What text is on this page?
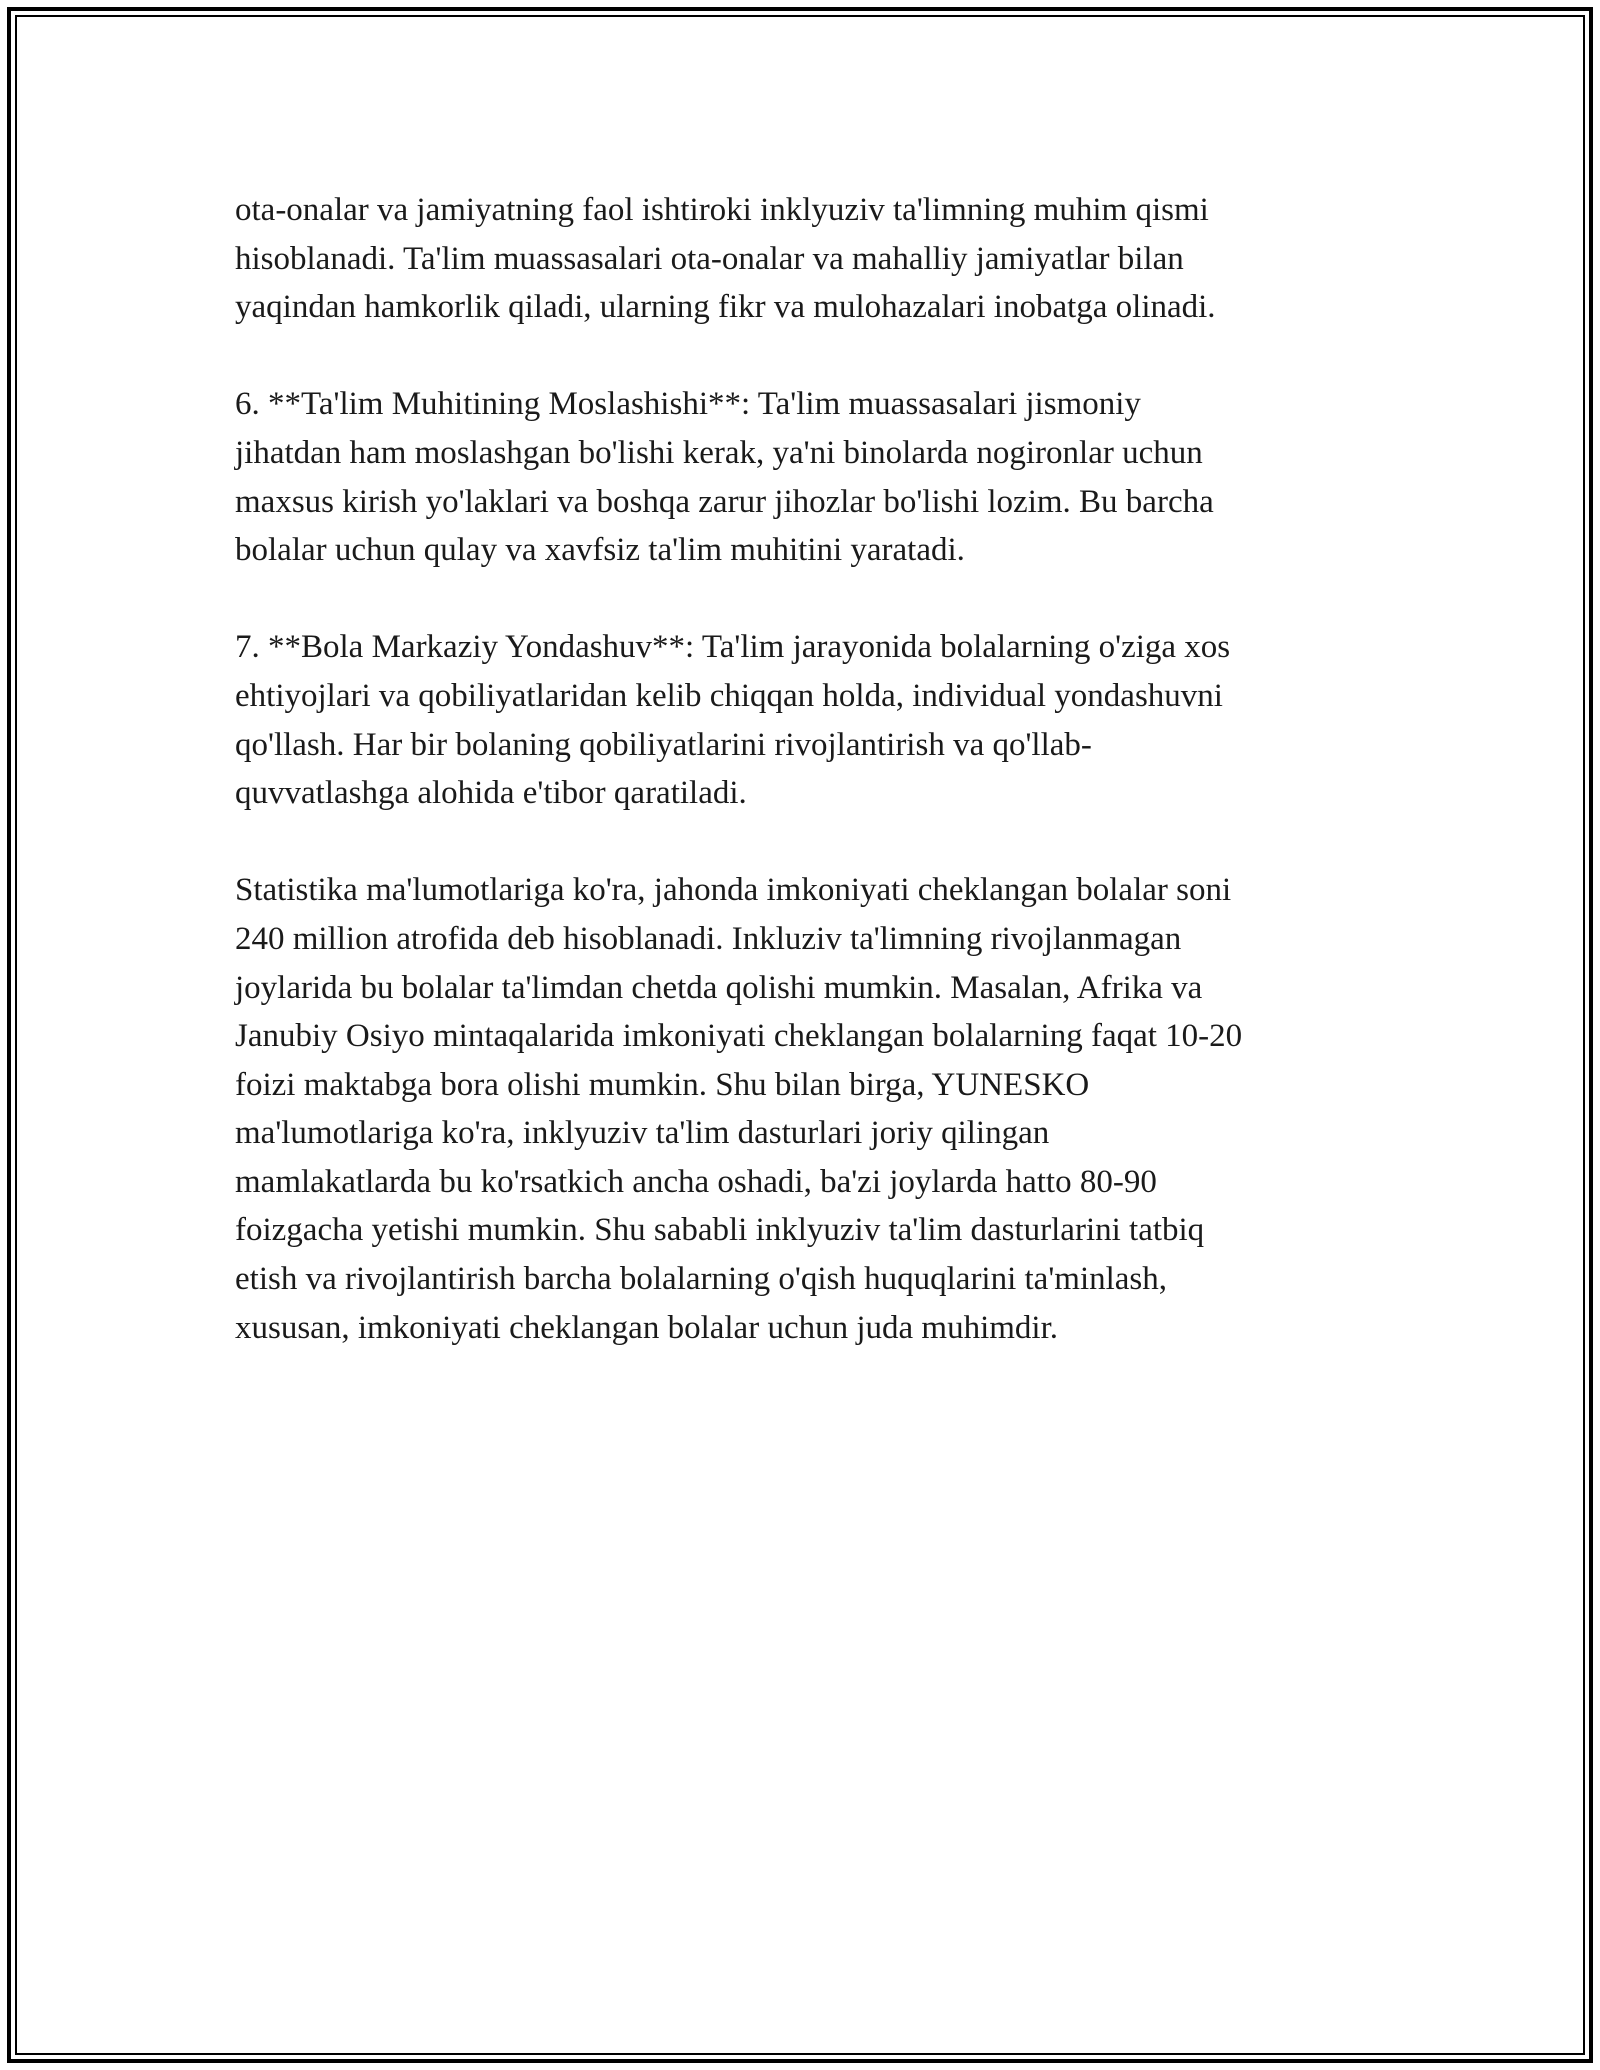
ota-onalar va jamiyatning faol ishtiroki inklyuziv ta'limning muhim qismi
hisoblanadi. Ta'lim muassasalari ota-onalar va mahalliy jamiyatlar bilan
yaqindan hamkorlik qiladi, ularning fikr va mulohazalari inobatga olinadi.

6. **Ta'lim Muhitining Moslashishi**: Ta'lim muassasalari jismoniy
jihatdan ham moslashgan bo'lishi kerak, ya'ni binolarda nogironlar uchun
maxsus kirish yo'laklari va boshqa zarur jihozlar bo'lishi lozim. Bu barcha
bolalar uchun qulay va xavfsiz ta'lim muhitini yaratadi.

7. **Bola Markaziy Yondashuv**: Ta'lim jarayonida bolalarning o'ziga xos
ehtiyojlari va qobiliyatlaridan kelib chiqqan holda, individual yondashuvni
qo'llash. Har bir bolaning qobiliyatlarini rivojlantirish va qo'llab-
quvvatlashga alohida e'tibor qaratiladi.

Statistika ma'lumotlariga ko'ra, jahonda imkoniyati cheklangan bolalar soni
240 million atrofida deb hisoblanadi. Inkluziv ta'limning rivojlanmagan
joylarida bu bolalar ta'limdan chetda qolishi mumkin. Masalan, Afrika va
Janubiy Osiyo mintaqalarida imkoniyati cheklangan bolalarning faqat 10-20
foizi maktabga bora olishi mumkin. Shu bilan birga, YUNESKO
ma'lumotlariga ko'ra, inklyuziv ta'lim dasturlari joriy qilingan
mamlakatlarda bu ko'rsatkich ancha oshadi, ba'zi joylarda hatto 80-90
foizgacha yetishi mumkin. Shu sababli inklyuziv ta'lim dasturlarini tatbiq
etish va rivojlantirish barcha bolalarning o'qish huquqlarini ta'minlash,
xususan, imkoniyati cheklangan bolalar uchun juda muhimdir.
